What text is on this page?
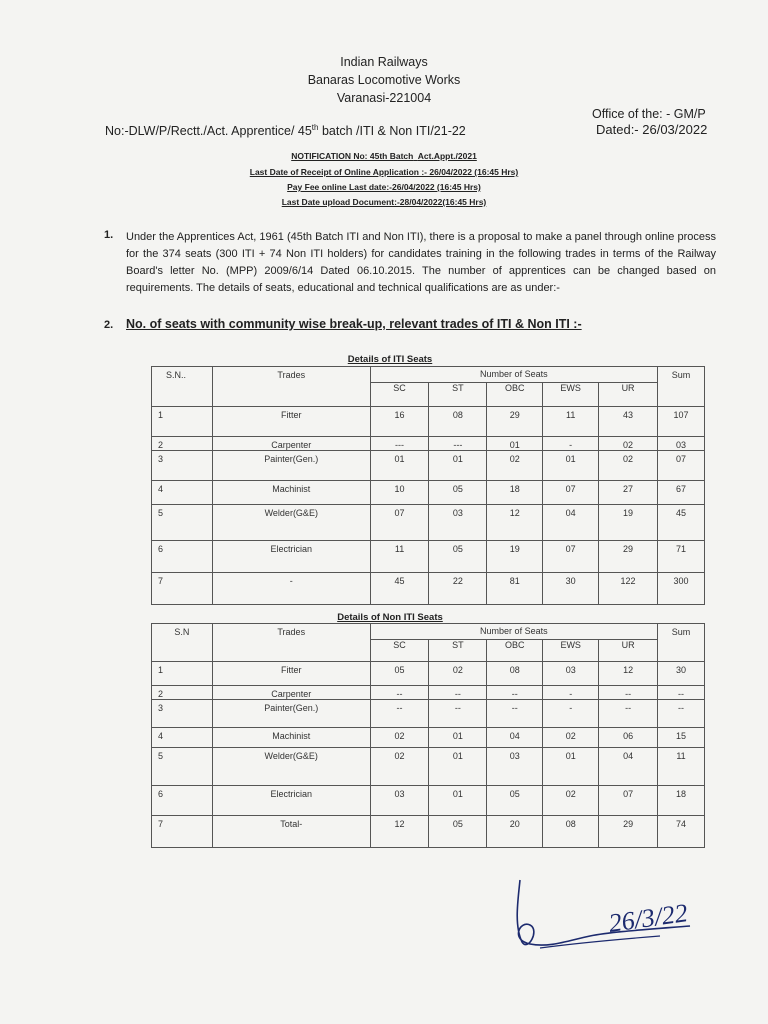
Indian Railways
Banaras Locomotive Works
Varanasi-221004
Office of the: - GM/P
No:-DLW/P/Rectt./Act. Apprentice/ 45th batch /ITI & Non ITI/21-22	Dated:- 26/03/2022
NOTIFICATION No: 45th Batch Act.Appt./2021
Last Date of Receipt of Online Application :- 26/04/2022 (16:45 Hrs)
Pay Fee online Last date:-26/04/2022 (16:45 Hrs)
Last Date upload Document:-28/04/2022(16:45 Hrs)
1. Under the Apprentices Act, 1961 (45th Batch ITI and Non ITI), there is a proposal to make a panel through online process for the 374 seats (300 ITI + 74 Non ITI holders) for candidates training in the following trades in terms of the Railway Board's letter No. (MPP) 2009/6/14 Dated 06.10.2015. The number of apprentices can be changed based on requirements. The details of seats, educational and technical qualifications are as under:-
2. No. of seats with community wise break-up, relevant trades of ITI & Non ITI :-
Details of ITI Seats
S.N..	Trades	Number of Seats					Sum
		SC	ST	OBC	EWS	UR	
1	Fitter	16	08	29	11	43	107
2	Carpenter	---	---	01	-	02	03
3	Painter(Gen.)	01	01	02	01	02	07
4	Machinist	10	05	18	07	27	67
5	Welder(G&E)	07	03	12	04	19	45
6	Electrician	11	05	19	07	29	71
7	-	45	22	81	30	122	300
Details of Non ITI Seats
S.N	Trades	Number of Seats					Sum
		SC	ST	OBC	EWS	UR	
1	Fitter	05	02	08	03	12	30
2	Carpenter	--	--	--	-	--	--
3	Painter(Gen.)	--	--	--	-	--	--
4	Machinist	02	01	04	02	06	15
5	Welder(G&E)	02	01	03	01	04	11
6	Electrician	03	01	05	02	07	18
7	Total-	12	05	20	08	29	74
26/3/22
